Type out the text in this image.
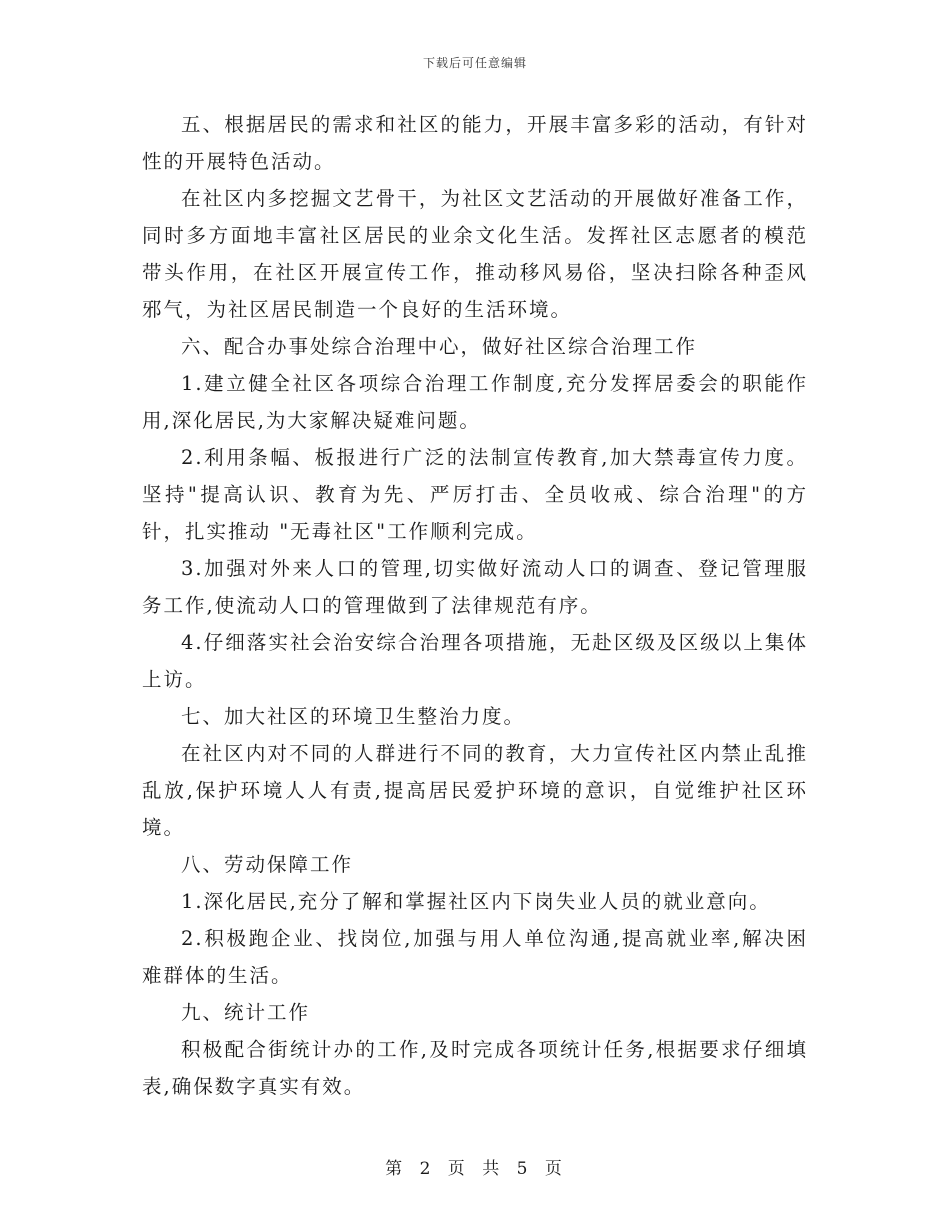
下载后可任意编辑

五、根据居民的需求和社区的能力，开展丰富多彩的活动，有针对性的开展特色活动。

在社区内多挖掘文艺骨干，为社区文艺活动的开展做好准备工作，同时多方面地丰富社区居民的业余文化生活。发挥社区志愿者的模范带头作用，在社区开展宣传工作，推动移风易俗，坚决扫除各种歪风邪气，为社区居民制造一个良好的生活环境。

六、配合办事处综合治理中心，做好社区综合治理工作

1.建立健全社区各项综合治理工作制度,充分发挥居委会的职能作用,深化居民,为大家解决疑难问题。

2.利用条幅、板报进行广泛的法制宣传教育,加大禁毒宣传力度。坚持"提高认识、教育为先、严厉打击、全员收戒、综合治理"的方针，扎实推动 "无毒社区"工作顺利完成。

3.加强对外来人口的管理,切实做好流动人口的调查、登记管理服务工作,使流动人口的管理做到了法律规范有序。

4.仔细落实社会治安综合治理各项措施，无赴区级及区级以上集体上访。

七、加大社区的环境卫生整治力度。

在社区内对不同的人群进行不同的教育，大力宣传社区内禁止乱推乱放,保护环境人人有责,提高居民爱护环境的意识，自觉维护社区环境。

八、劳动保障工作

1.深化居民,充分了解和掌握社区内下岗失业人员的就业意向。

2.积极跑企业、找岗位,加强与用人单位沟通,提高就业率,解决困难群体的生活。

九、统计工作

积极配合街统计办的工作,及时完成各项统计任务,根据要求仔细填表,确保数字真实有效。

第 2 页 共 5 页
